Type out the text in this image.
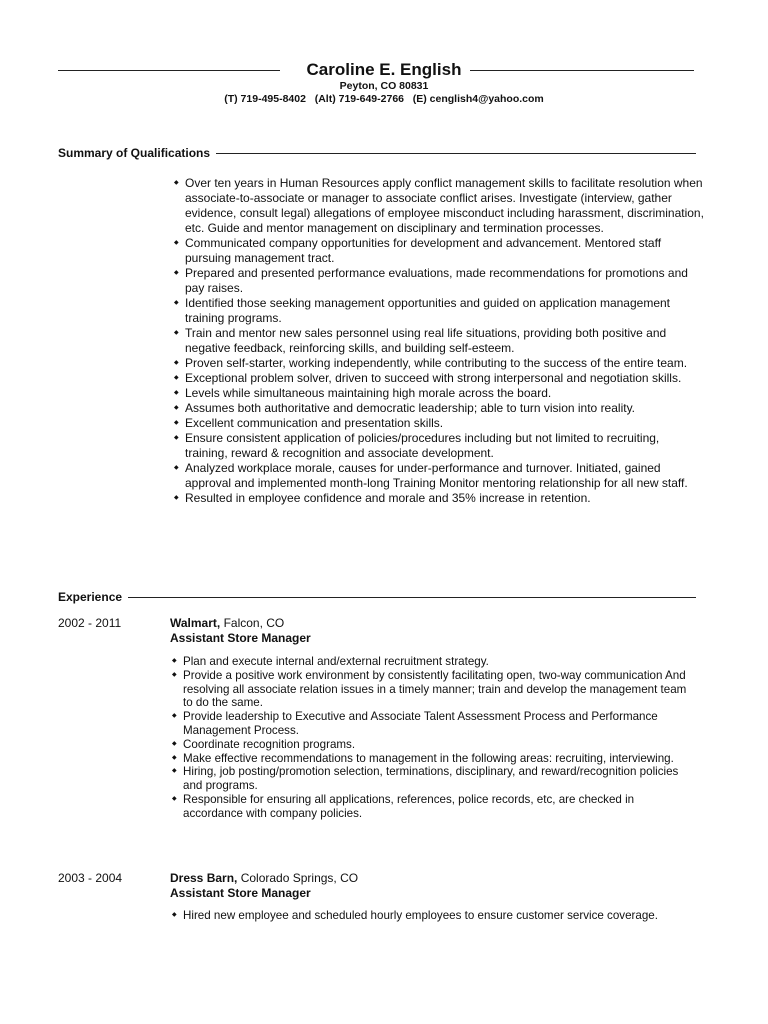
Caroline E. English
Peyton, CO 80831
(T) 719-495-8402   (Alt) 719-649-2766   (E) cenglish4@yahoo.com
Summary of Qualifications
◆ Over ten years in Human Resources apply conflict management skills to facilitate resolution when associate-to-associate or manager to associate conflict arises. Investigate (interview, gather evidence, consult legal) allegations of employee misconduct including harassment, discrimination, etc. Guide and mentor management on disciplinary and termination processes.
◆ Communicated company opportunities for development and advancement. Mentored staff pursuing management tract.
◆ Prepared and presented performance evaluations, made recommendations for promotions and pay raises.
◆ Identified those seeking management opportunities and guided on application management training programs.
◆ Train and mentor new sales personnel using real life situations, providing both positive and negative feedback, reinforcing skills, and building self-esteem.
◆ Proven self-starter, working independently, while contributing to the success of the entire team.
◆ Exceptional problem solver, driven to succeed with strong interpersonal and negotiation skills.
◆ Levels while simultaneous maintaining high morale across the board.
◆ Assumes both authoritative and democratic leadership; able to turn vision into reality.
◆ Excellent communication and presentation skills.
◆ Ensure consistent application of policies/procedures including but not limited to recruiting, training, reward & recognition and associate development.
◆ Analyzed workplace morale, causes for under-performance and turnover. Initiated, gained approval and implemented month-long Training Monitor mentoring relationship for all new staff.
◆ Resulted in employee confidence and morale and 35% increase in retention.
Experience
2002 - 2011	Walmart, Falcon, CO
Assistant Store Manager
◆ Plan and execute internal and/external recruitment strategy.
◆ Provide a positive work environment by consistently facilitating open, two-way communication And resolving all associate relation issues in a timely manner; train and develop the management team to do the same.
◆ Provide leadership to Executive and Associate Talent Assessment Process and Performance Management Process.
◆ Coordinate recognition programs.
◆ Make effective recommendations to management in the following areas: recruiting, interviewing.
◆ Hiring, job posting/promotion selection, terminations, disciplinary, and reward/recognition policies and programs.
◆ Responsible for ensuring all applications, references, police records, etc, are checked in accordance with company policies.
2003 - 2004	Dress Barn, Colorado Springs, CO
Assistant Store Manager
◆ Hired new employee and scheduled hourly employees to ensure customer service coverage.
